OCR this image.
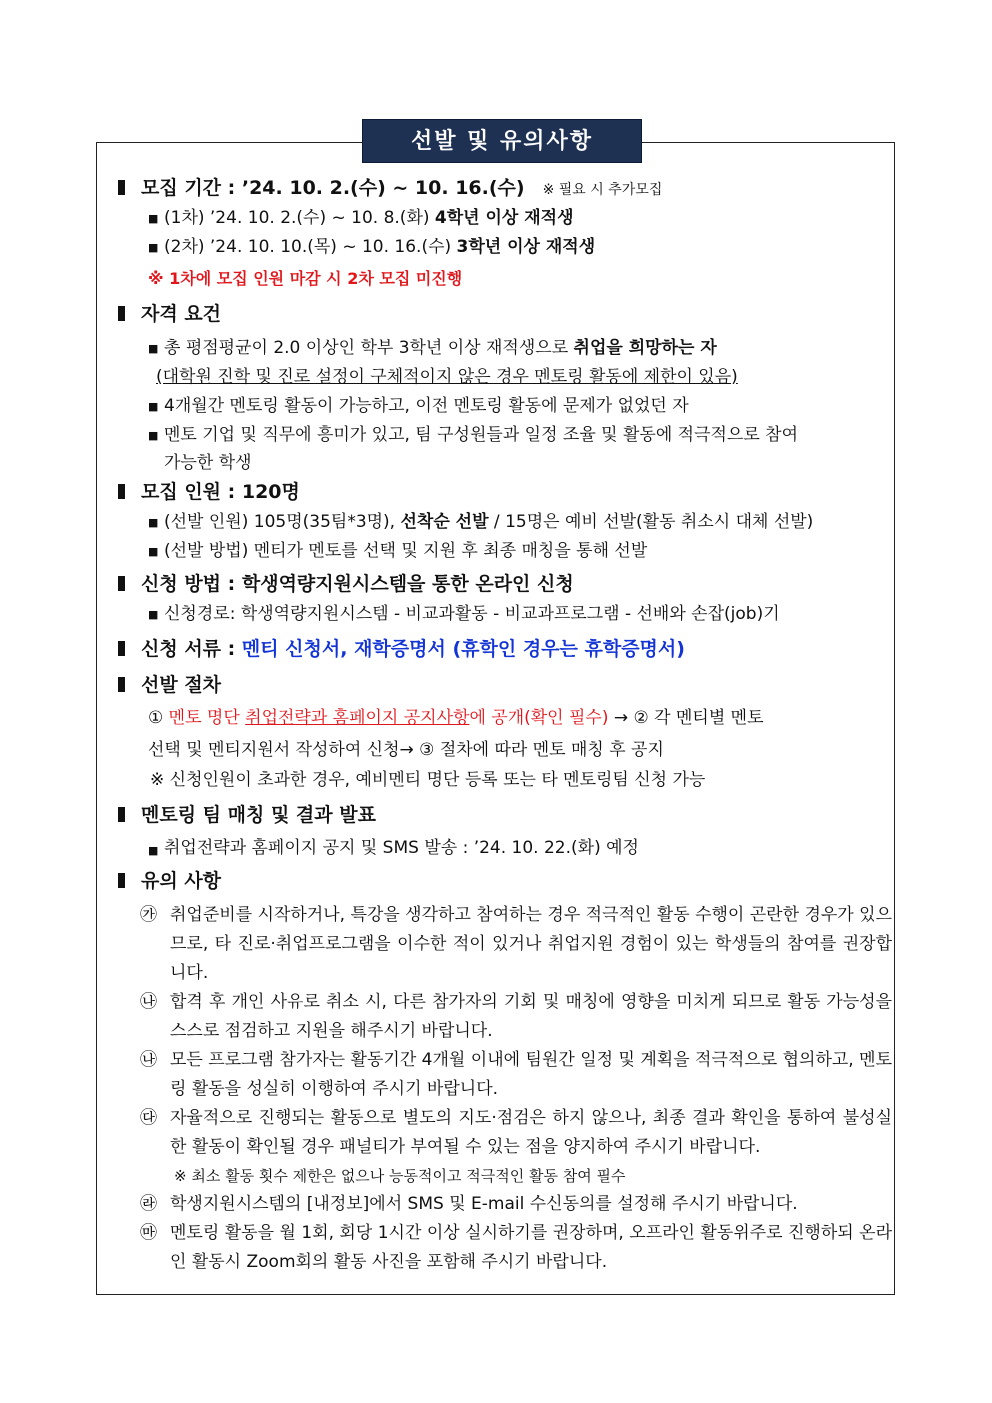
선발 및 유의사항
모집 기간 : ’24. 10. 2.(수) ~ 10. 16.(수) ※ 필요 시 추가모집
■ (1차) ’24. 10. 2.(수) ~ 10. 8.(화) 4학년 이상 재적생
■ (2차) ’24. 10. 10.(목) ~ 10. 16.(수) 3학년 이상 재적생
※ 1차에 모집 인원 마감 시 2차 모집 미진행
자격 요건
■ 총 평점평균이 2.0 이상인 학부 3학년 이상 재적생으로 취업을 희망하는 자
(대학원 진학 및 진로 설정이 구체적이지 않은 경우 멘토링 활동에 제한이 있음)
■ 4개월간 멘토링 활동이 가능하고, 이전 멘토링 활동에 문제가 없었던 자
■ 멘토 기업 및 직무에 흥미가 있고, 팀 구성원들과 일정 조율 및 활동에 적극적으로 참여
가능한 학생
모집 인원 : 120명
■ (선발 인원) 105명(35팀*3명), 선착순 선발 / 15명은 예비 선발(활동 취소시 대체 선발)
■ (선발 방법) 멘티가 멘토를 선택 및 지원 후 최종 매칭을 통해 선발
신청 방법 : 학생역량지원시스템을 통한 온라인 신청
■ 신청경로: 학생역량지원시스템 - 비교과활동 - 비교과프로그램 - 선배와 손잡(job)기
신청 서류 : 멘티 신청서, 재학증명서 (휴학인 경우는 휴학증명서)
선발 절차
① 멘토 명단 취업전략과 홈페이지 공지사항에 공개(확인 필수) → ② 각 멘티별 멘토
선택 및 멘티지원서 작성하여 신청→ ③ 절차에 따라 멘토 매칭 후 공지
※ 신청인원이 초과한 경우, 예비멘티 명단 등록 또는 타 멘토링팀 신청 가능
멘토링 팀 매칭 및 결과 발표
■ 취업전략과 홈페이지 공지 및 SMS 발송 : ’24. 10. 22.(화) 예정
유의 사항
㉮ 취업준비를 시작하거나, 특강을 생각하고 참여하는 경우 적극적인 활동 수행이 곤란한 경우가 있으므로, 타 진로·취업프로그램을 이수한 적이 있거나 취업지원 경험이 있는 학생들의 참여를 권장합니다.
㉯ 합격 후 개인 사유로 취소 시, 다른 참가자의 기회 및 매칭에 영향을 미치게 되므로 활동 가능성을 스스로 점검하고 지원을 해주시기 바랍니다.
㉯ 모든 프로그램 참가자는 활동기간 4개월 이내에 팀원간 일정 및 계획을 적극적으로 협의하고, 멘토링 활동을 성실히 이행하여 주시기 바랍니다.
㉰ 자율적으로 진행되는 활동으로 별도의 지도·점검은 하지 않으나, 최종 결과 확인을 통하여 불성실한 활동이 확인될 경우 패널티가 부여될 수 있는 점을 양지하여 주시기 바랍니다.
※ 최소 활동 횟수 제한은 없으나 능동적이고 적극적인 활동 참여 필수
㉱ 학생지원시스템의 [내정보]에서 SMS 및 E-mail 수신동의를 설정해 주시기 바랍니다.
㉲ 멘토링 활동을 월 1회, 회당 1시간 이상 실시하기를 권장하며, 오프라인 활동위주로 진행하되 온라인 활동시 Zoom회의 활동 사진을 포함해 주시기 바랍니다.
